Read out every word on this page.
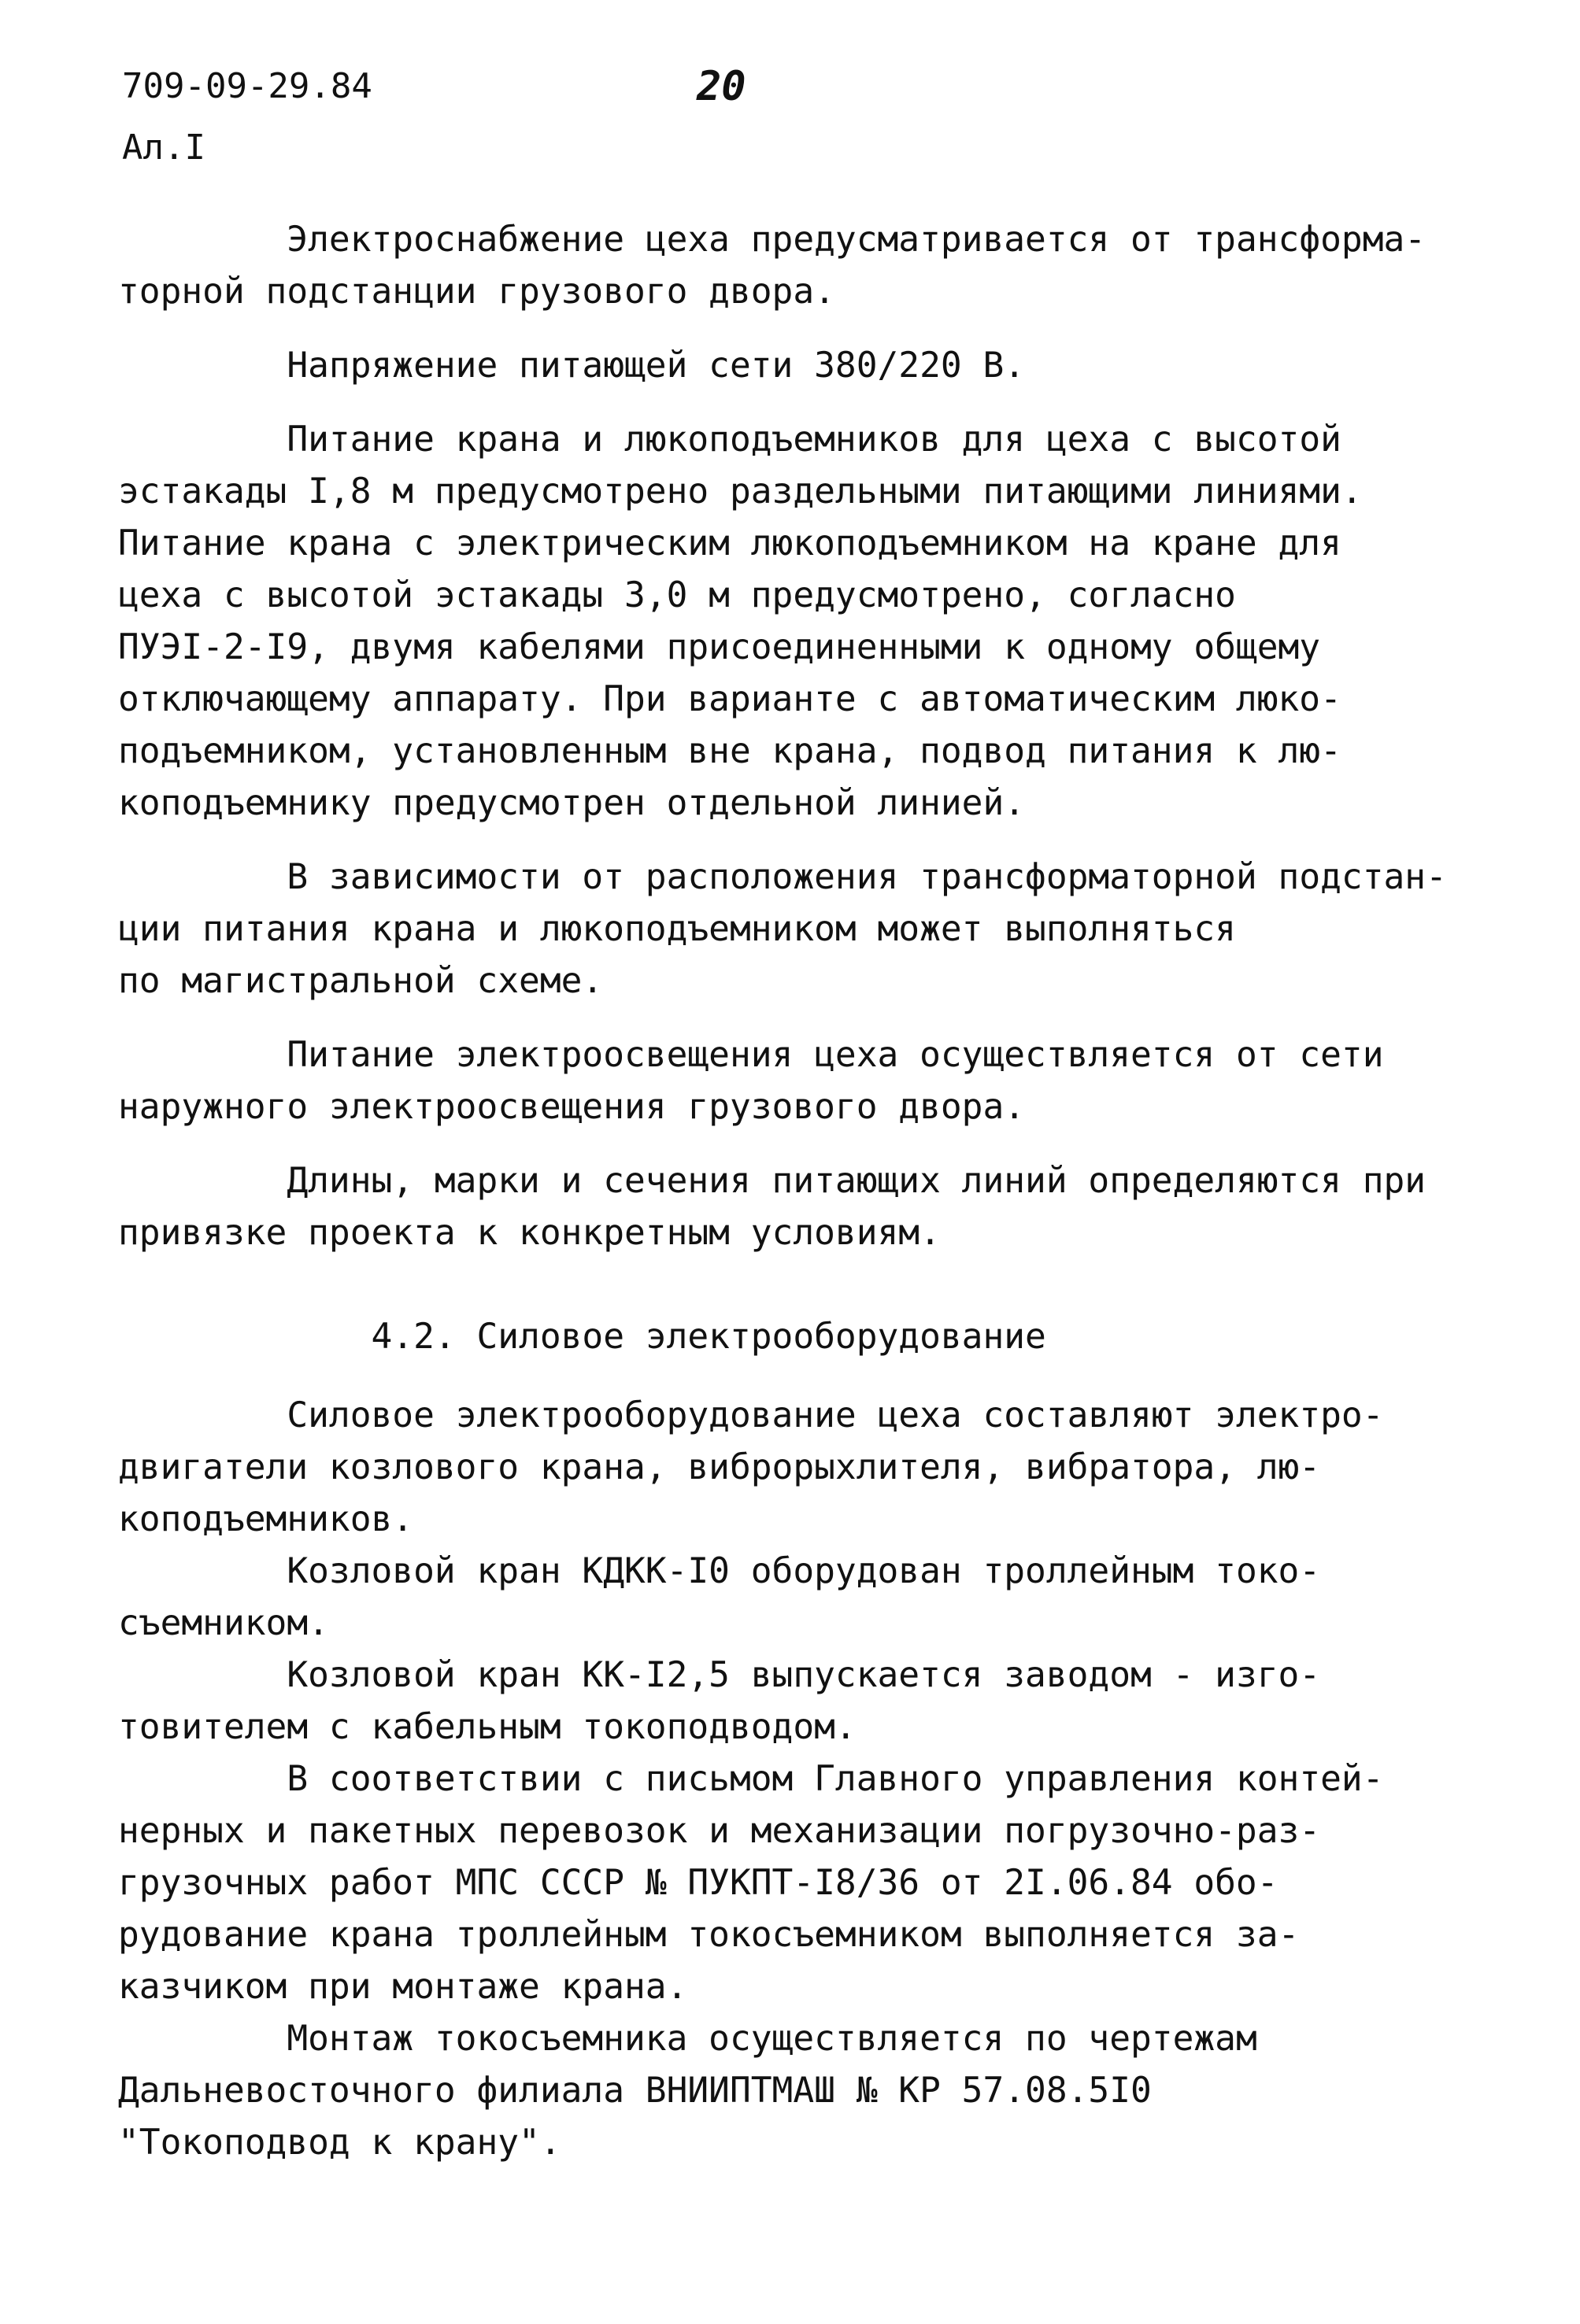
709-09-29.84	20
Ал.I

Электроснабжение цеха предусматривается от трансформа-
торной подстанции грузового двора.

Напряжение питающей сети 380/220 В.

Питание крана и люкоподъемников для цеха с высотой
эстакады I,8 м предусмотрено раздельными питающими линиями.
Питание крана с электрическим люкоподъемником на кране для
цеха с высотой эстакады 3,0 м предусмотрено, согласно
ПУЭI-2-I9, двумя кабелями присоединенными к одному общему
отключающему аппарату. При варианте с автоматическим люко-
подъемником, установленным вне крана, подвод питания к лю-
коподъемнику предусмотрен отдельной линией.

В зависимости от расположения трансформаторной подстан-
ции питания крана и люкоподъемником может выполняться
по магистральной схеме.

Питание электроосвещения цеха осуществляется от сети
наружного электроосвещения грузового двора.

Длины, марки и сечения питающих линий определяются при
привязке проекта к конкретным условиям.

4.2. Силовое электрооборудование

Силовое электрооборудование цеха составляют электро-
двигатели козлового крана, виброрыхлителя, вибратора, лю-
коподъемников.

Козловой кран КДКК-I0 оборудован троллейным токо-
съемником.

Козловой кран КК-I2,5 выпускается заводом - изго-
товителем с кабельным токоподводом.

В соответствии с письмом Главного управления контей-
нерных и пакетных перевозок и механизации погрузочно-раз-
грузочных работ МПС СССР № ПУКПТ-I8/36 от 2I.06.84 обо-
рудование крана троллейным токосъемником выполняется за-
казчиком при монтаже крана.

Монтаж токосъемника осуществляется по чертежам
Дальневосточного филиала ВНИИПТМАШ № КР 57.08.5I0
"Токоподвод к крану".
